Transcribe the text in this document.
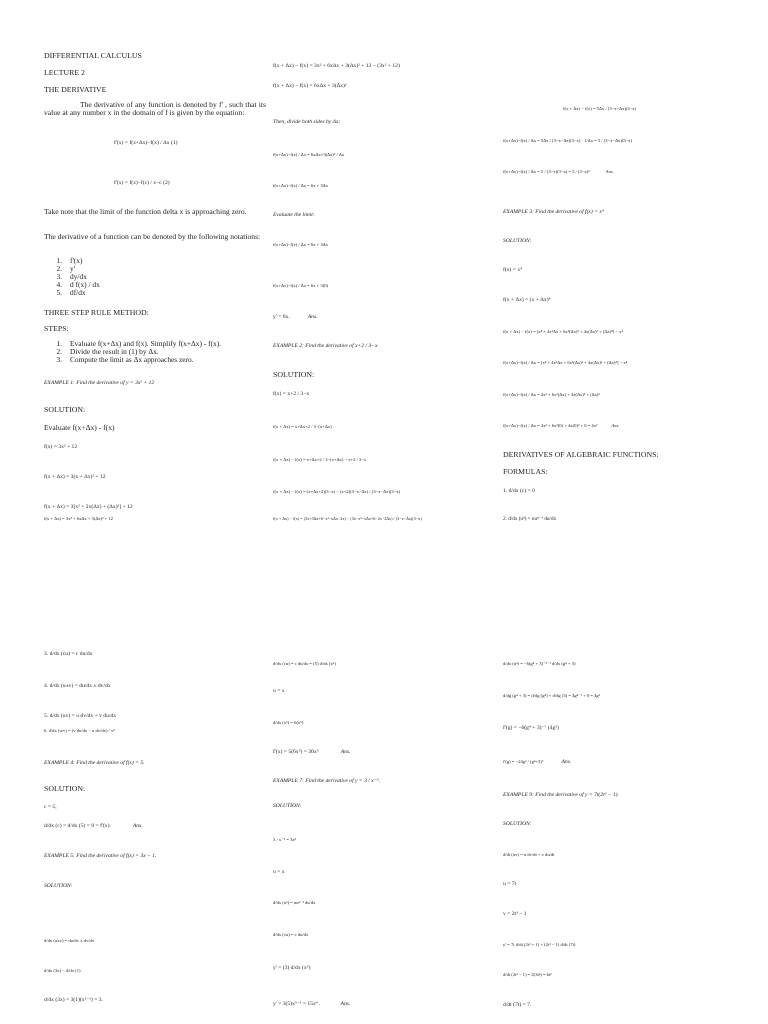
DIFFERENTIAL CALCULUS
LECTURE 2
THE DERIVATIVE
The derivative of any function is denoted by f' , such that its value at any number x in the domain of f is given by the equation:
f'(x) = f(x+Δx)−f(x) / Δx (1)
f'(x) = f(x)−f(c) / x−c (2)
Take note that the limit of the function delta x is approaching zero.
The derivative of a function can be denoted by the following notations:
1. f'(x)
2. y'
3. dy/dx
4. d f(x) / dx
5. df/dx
THREE STEP RULE METHOD:
STEPS:
1. Evaluate f(x+Δx) and f(x). Simplify f(x+Δx) - f(x).
2. Divide the result in (1) by Δx.
3. Compute the limit as Δx approaches zero.
EXAMPLE 1: Find the derivative of y = 3x² + 12
SOLUTION:
Evaluate f(x+Δx) - f(x)
f(x) = 3x² + 12
f(x + Δx) = 3(x + Δx)² + 12
f(x + Δx) = 3[x² + 2x(Δx) + (Δx)²] + 12
f(x + Δx) − f(x) = 3x² + 6xΔx + 3(Δx)² + 12 − (3x² + 12)
f(x + Δx) − f(x) = 6xΔx + 3(Δx)²
Then, divide both sides by Δx:
f(x+Δx)−f(x) / Δx = 6xΔx+3(Δx)² / Δx
f(x+Δx)−f(x) / Δx = 6x + 3Δx
Evaluate the limit:
f(x+Δx)−f(x) / Δx = 6x + 3Δx
f(x+Δx)−f(x) / Δx = 6x + 3(0)
y' = 6x.	Ans.
EXAMPLE 2: Find the derivative of x+2 / 3−x
SOLUTION:
f(x) = x+2 / 3−x
f(x + Δx) = x+Δx+2 / 3−(x+Δx)
f(x + Δx) − f(x) = x+Δx+2 / 3−(x+Δx) − x+2 / 3−x
f(x + Δx) − f(x) = (x+Δx+2)(3−x) − (x+2)(3−x−Δx) / (3−x−Δx)(3−x)
f(x + Δx) − f(x) = 5Δx / (3−x−Δx)(3−x)
f(x+Δx)−f(x) / Δx = 5Δx / (3−x−Δx)(3−x) · 1/Δx = 5 / (3−x−Δx)(3−x)
f(x+Δx)−f(x) / Δx = 5 / (3−x)(3−x) = 5 / (3−x)²	Ans.
EXAMPLE 3: Find the derivative of f(x) = x⁴
SOLUTION:
f(x) = x⁴
f(x + Δx) = (x + Δx)⁴
f(x + Δx) − f(x) = [x⁴ + 4x³Δx + 6x²(Δx)² + 4x(Δx)³ + (Δx)⁴] − x⁴
f(x+Δx)−f(x) / Δx = [x⁴ + 4x³Δx + 6x²(Δx)² + 4x(Δx)³ + (Δx)⁴] − x⁴
f(x+Δx)−f(x) / Δx = 4x³ + 6x²(Δx) + 4x(Δx)² + (Δx)³
f(x+Δx)−f(x) / Δx = 4x³ + 6x²(0) + 4x(0)² + 0 = 4x³	Ans.
DERIVATIVES OF ALGEBRAIC FUNCTIONS:
FORMULAS:
1. d/dx (c) = 0
3. d/dx (cu) = c du/dx
4. d/dx (u±v) = du/dx ± dv/dx
5. d/dx (uv) = u dv/dx + v du/dx
6. d/dx (u/v) = (v du/dx − u dv/dx) / v²
EXAMPLE 4: Find the derivative of f(x) = 5.
SOLUTION:
c = 5,
d/dx (c) = d/dx (5) = 0 = f'(x).	Ans.
EXAMPLE 5: Find the derivative of f(x) = 3x − 1.
SOLUTION:
d/dx (u±v) = du/dx ± dv/dx
d/dx (3x) − d/dx (1)
d/dx (3x) = 3(1)(x¹⁻¹) = 3.
d/dx (cu) = c du/dx = (5) d/dx (x⁶)
u = x
d/dx (x⁶) = 6(x⁵)
f'(x) = 5(6x⁵) = 30x⁵	Ans.
EXAMPLE 7: Find the derivative of y = 3 / x⁻⁵.
SOLUTION:
3 / x⁻⁵ = 3x⁵
u = x
d/dx (uⁿ) = nuⁿ⁻¹ du/dx
d/dx (cu) = c du/dx
y' = (3) d/dx (x⁵)
y' = 3(5)x⁵⁻¹ = 15x⁴ .	Ans.
d/dx (uⁿ) = −6(g⁴ + 3)⁻⁶⁻¹ d/dx (g⁴ + 3)
d/dg (g⁴ + 3) = d/dg (g⁴) + d/dg (3) = 4g⁴⁻¹ + 0 = 4g³
f'(g) = −6(g⁴ + 3)⁻⁷ (4g³)
f'(g) = −24g³ / (g⁴+3)⁷	Ans.
EXAMPLE 9: Find the derivative of y = 7t(2t³ − 1).
SOLUTION:
d/dt (uv) = u dv/dt + v du/dt
u = 7t
v = 2t³ − 1
y' = 7t d/dt (2t³ + 1) + (2t³ − 1) d/dt (7t)
d/dt (2t³ − 1) = 2(3t²) = 6t²
d/dt (7t) = 7.
f(x + Δx) = 3x² + 6xΔx + 3(Δx)² + 12	f(x + Δx) − f(x) = (3x+3Δx+6−x²−xΔx−2x) − (3x−x²−xΔx+6−2x−2Δx) / (3−x−Δx)(3−x)	2. d/dx (uⁿ) = nuⁿ⁻¹ du/dx
